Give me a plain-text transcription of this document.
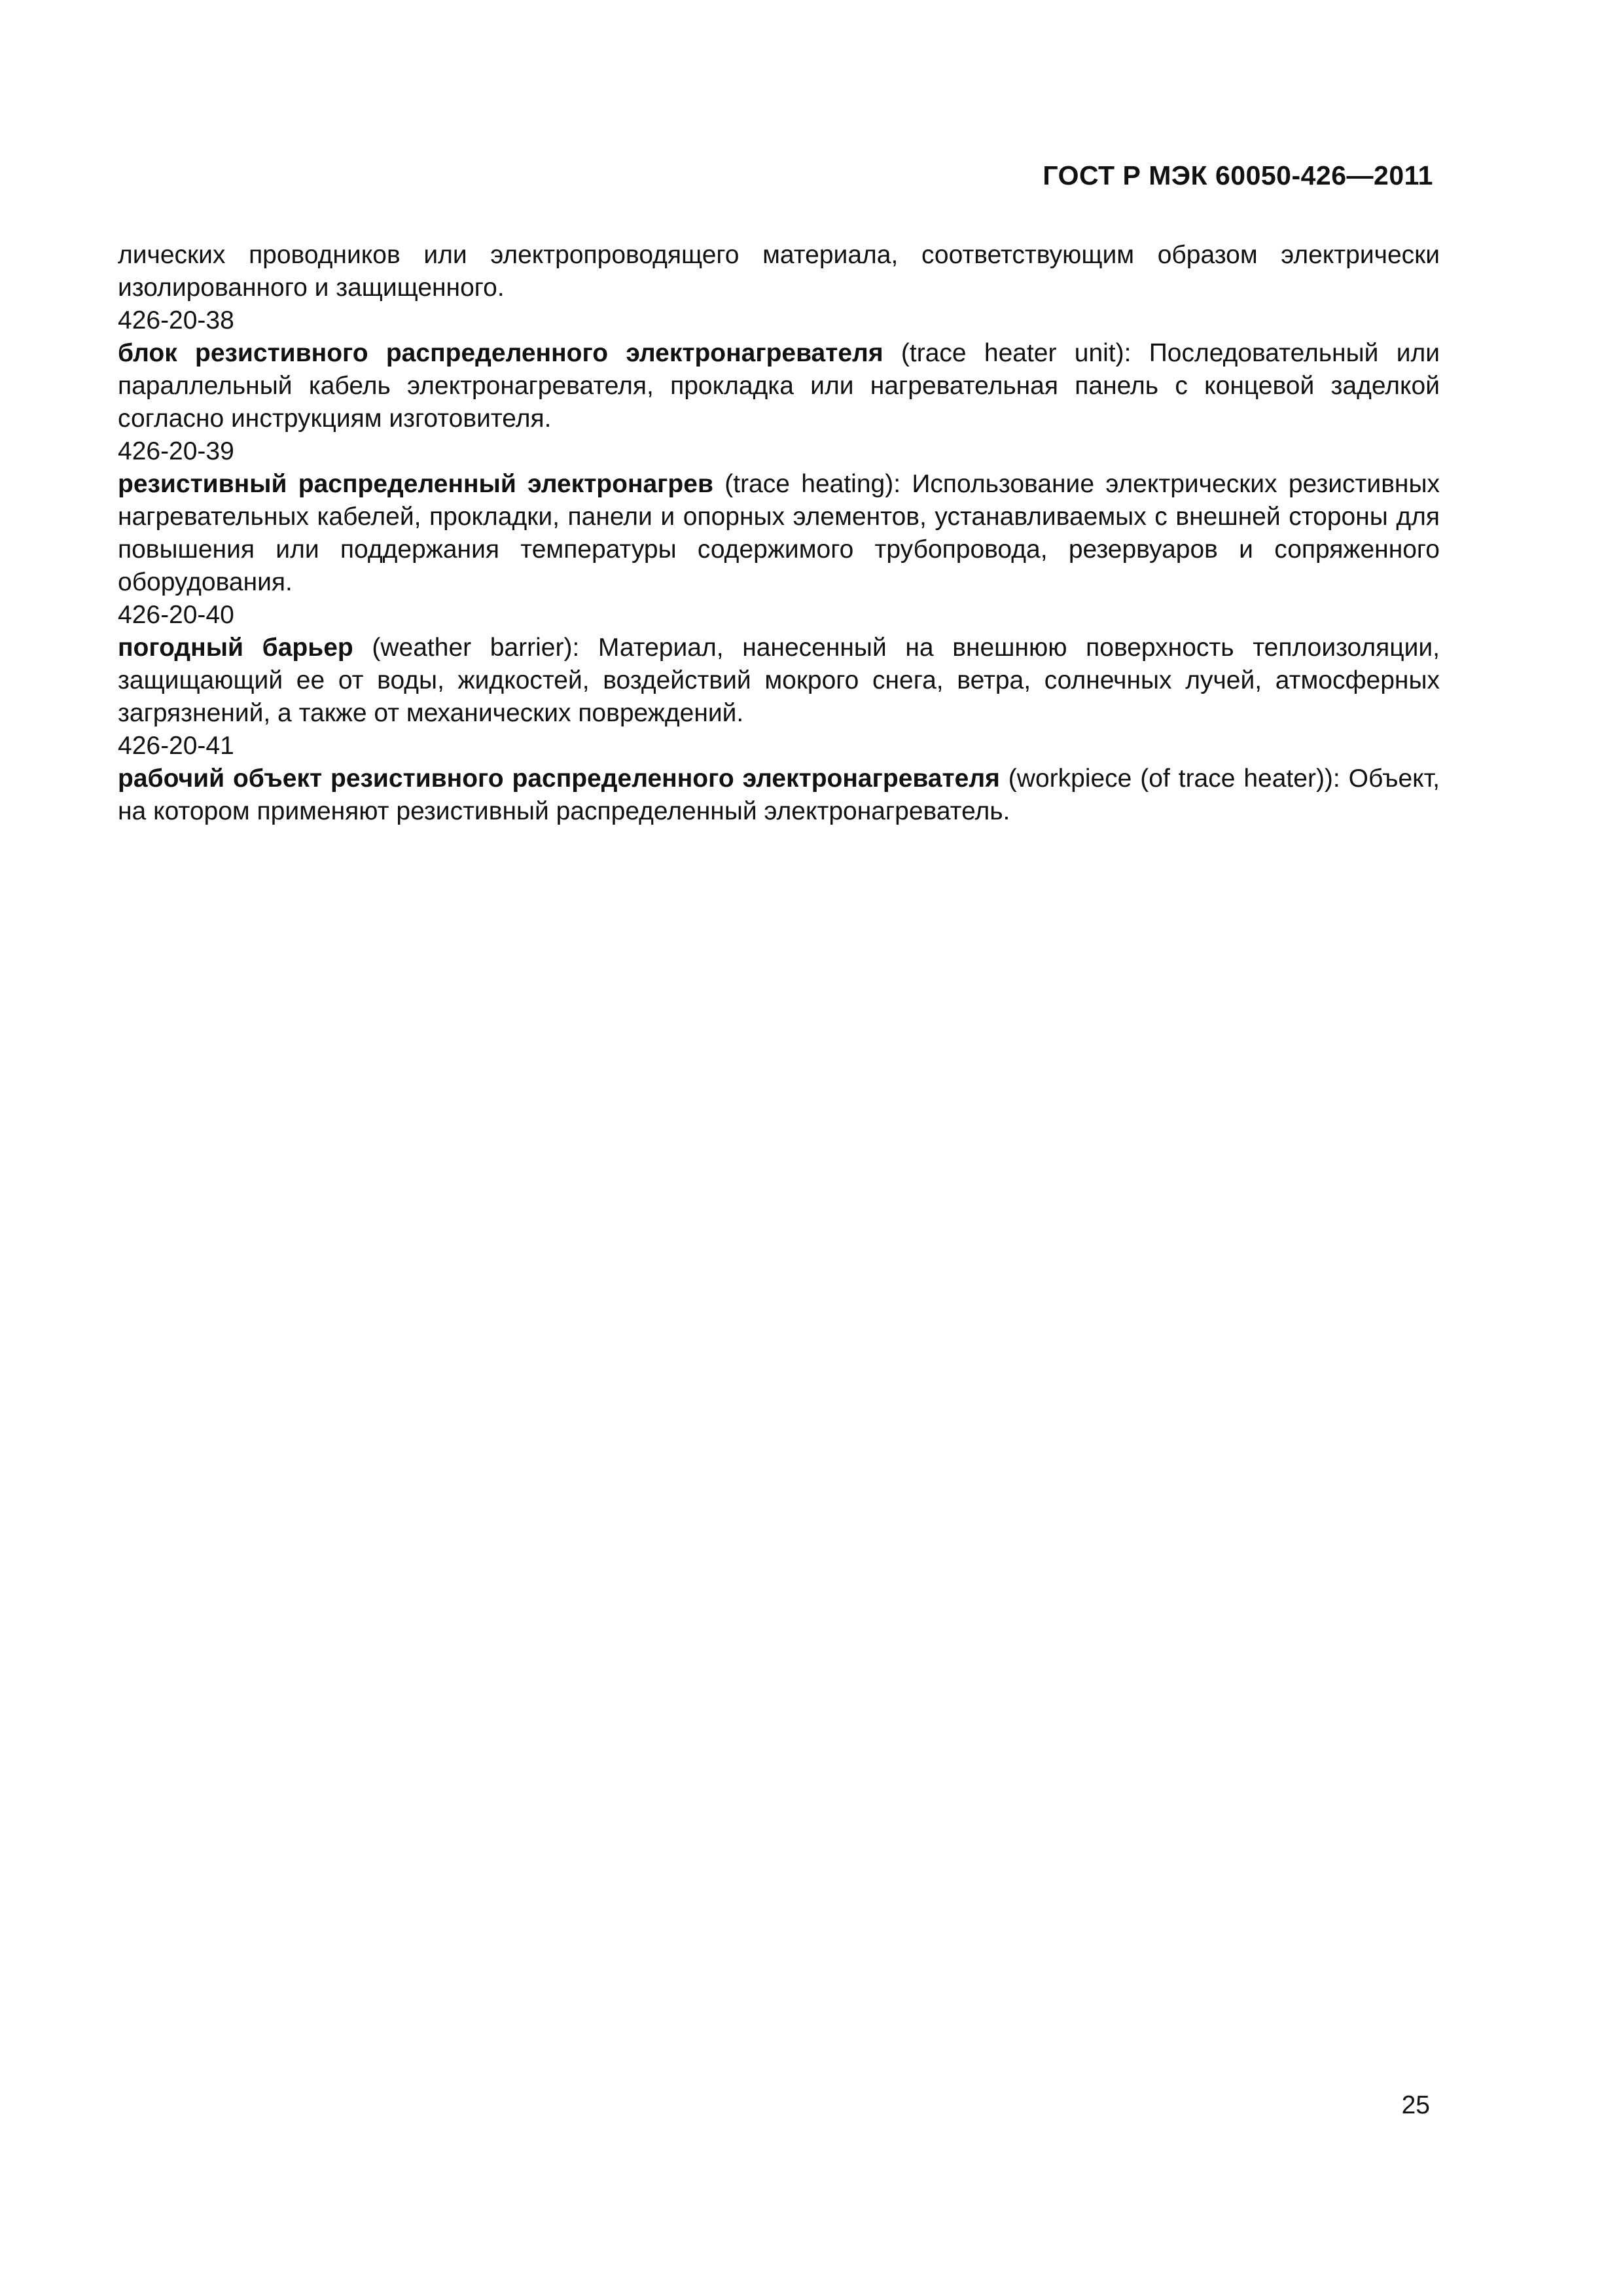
ГОСТ Р МЭК 60050-426—2011

лических проводников или электропроводящего материала, соответствующим образом электрически изолированного и защищенного.

426-20-38

блок резистивного распределенного электронагревателя (trace heater unit): Последовательный или параллельный кабель электронагревателя, прокладка или нагревательная панель с концевой заделкой согласно инструкциям изготовителя.

426-20-39

резистивный распределенный электронагрев (trace heating): Использование электрических резистивных нагревательных кабелей, прокладки, панели и опорных элементов, устанавливаемых с внешней стороны для повышения или поддержания температуры содержимого трубопровода, резервуаров и сопряженного оборудования.

426-20-40

погодный барьер (weather barrier): Материал, нанесенный на внешнюю поверхность теплоизоляции, защищающий ее от воды, жидкостей, воздействий мокрого снега, ветра, солнечных лучей, атмосферных загрязнений, а также от механических повреждений.

426-20-41

рабочий объект резистивного распределенного электронагревателя (workpiece (of trace heater)): Объект, на котором применяют резистивный распределенный электронагреватель.

25
